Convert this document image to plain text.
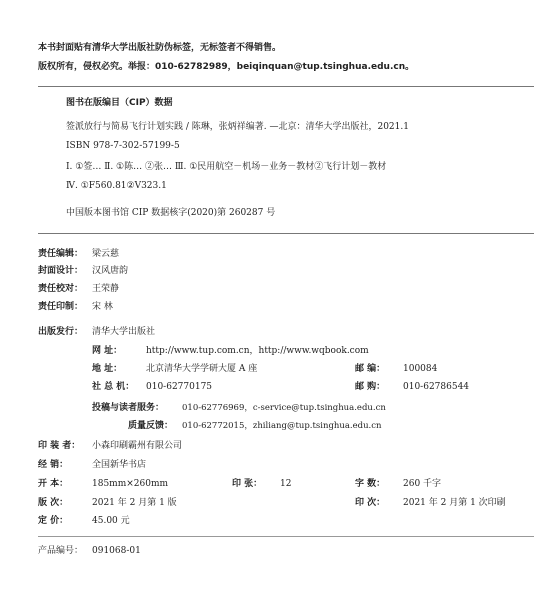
本书封面贴有清华大学出版社防伪标签，无标签者不得销售。
版权所有，侵权必究。举报：010-62782989，beiqinquan@tup.tsinghua.edu.cn。
图书在版编目（CIP）数据
签派放行与简易飞行计划实践 / 陈琳，张炳祥编著. —北京：清华大学出版社，2021.1
ISBN 978-7-302-57199-5
Ⅰ. ①签… Ⅱ. ①陈… ②张… Ⅲ. ①民用航空－机场－业务－教材②飞行计划－教材
Ⅳ. ①F560.81②V323.1
中国版本图书馆 CIP 数据核字(2020)第 260287 号
责任编辑： 梁云慈
封面设计： 汉风唐韵
责任校对： 王荣静
责任印制： 宋 林
出版发行： 清华大学出版社
网 址：	http://www.tup.com.cn，http://www.wqbook.com
地 址：	北京清华大学学研大厦 A 座	邮 编： 100084
社 总 机： 010-62770175	邮 购： 010-62786544
投稿与读者服务： 010-62776969，c-service@tup.tsinghua.edu.cn
质量反馈： 010-62772015，zhiliang@tup.tsinghua.edu.cn
印 装 者： 小森印刷霸州有限公司
经 销：	全国新华书店
开 本：	185mm×260mm	印 张： 12	字 数： 260 千字
版 次：	2021 年 2 月第 1 版	印 次： 2021 年 2 月第 1 次印刷
定 价：	45.00 元
产品编号： 091068-01
